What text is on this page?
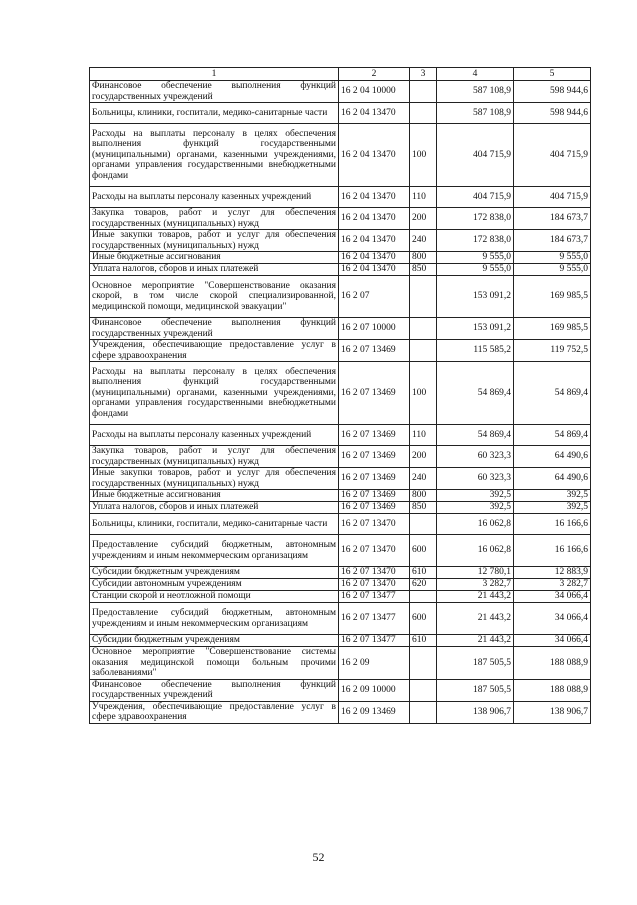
1	2	3	4	5
Финансовое обеспечение выполнения функций государственных учреждений	16 2 04 10000		587 108,9	598 944,6
Больницы, клиники, госпитали, медико-санитарные части	16 2 04 13470		587 108,9	598 944,6
Расходы на выплаты персоналу в целях обеспечения выполнения функций государственными (муниципальными) органами, казенными учреждениями, органами управления государственными внебюджетными фондами	16 2 04 13470	100	404 715,9	404 715,9
Расходы на выплаты персоналу казенных учреждений	16 2 04 13470	110	404 715,9	404 715,9
Закупка товаров, работ и услуг для обеспечения государственных (муниципальных) нужд	16 2 04 13470	200	172 838,0	184 673,7
Иные закупки товаров, работ и услуг для обеспечения государственных (муниципальных) нужд	16 2 04 13470	240	172 838,0	184 673,7
Иные бюджетные ассигнования	16 2 04 13470	800	9 555,0	9 555,0
Уплата налогов, сборов и иных платежей	16 2 04 13470	850	9 555,0	9 555,0
Основное мероприятие "Совершенствование оказания скорой, в том числе скорой специализированной, медицинской помощи, медицинской эвакуации"	16 2 07		153 091,2	169 985,5
Финансовое обеспечение выполнения функций государственных учреждений	16 2 07 10000		153 091,2	169 985,5
Учреждения, обеспечивающие предоставление услуг в сфере здравоохранения	16 2 07 13469		115 585,2	119 752,5
Расходы на выплаты персоналу в целях обеспечения выполнения функций государственными (муниципальными) органами, казенными учреждениями, органами управления государственными внебюджетными фондами	16 2 07 13469	100	54 869,4	54 869,4
Расходы на выплаты персоналу казенных учреждений	16 2 07 13469	110	54 869,4	54 869,4
Закупка товаров, работ и услуг для обеспечения государственных (муниципальных) нужд	16 2 07 13469	200	60 323,3	64 490,6
Иные закупки товаров, работ и услуг для обеспечения государственных (муниципальных) нужд	16 2 07 13469	240	60 323,3	64 490,6
Иные бюджетные ассигнования	16 2 07 13469	800	392,5	392,5
Уплата налогов, сборов и иных платежей	16 2 07 13469	850	392,5	392,5
Больницы, клиники, госпитали, медико-санитарные части	16 2 07 13470		16 062,8	16 166,6
Предоставление субсидий бюджетным, автономным учреждениям и иным некоммерческим организациям	16 2 07 13470	600	16 062,8	16 166,6
Субсидии бюджетным учреждениям	16 2 07 13470	610	12 780,1	12 883,9
Субсидии автономным учреждениям	16 2 07 13470	620	3 282,7	3 282,7
Станции скорой и неотложной помощи	16 2 07 13477		21 443,2	34 066,4
Предоставление субсидий бюджетным, автономным учреждениям и иным некоммерческим организациям	16 2 07 13477	600	21 443,2	34 066,4
Субсидии бюджетным учреждениям	16 2 07 13477	610	21 443,2	34 066,4
Основное мероприятие "Совершенствование системы оказания медицинской помощи больным прочими заболеваниями"	16 2 09		187 505,5	188 088,9
Финансовое обеспечение выполнения функций государственных учреждений	16 2 09 10000		187 505,5	188 088,9
Учреждения, обеспечивающие предоставление услуг в сфере здравоохранения	16 2 09 13469		138 906,7	138 906,7
52
